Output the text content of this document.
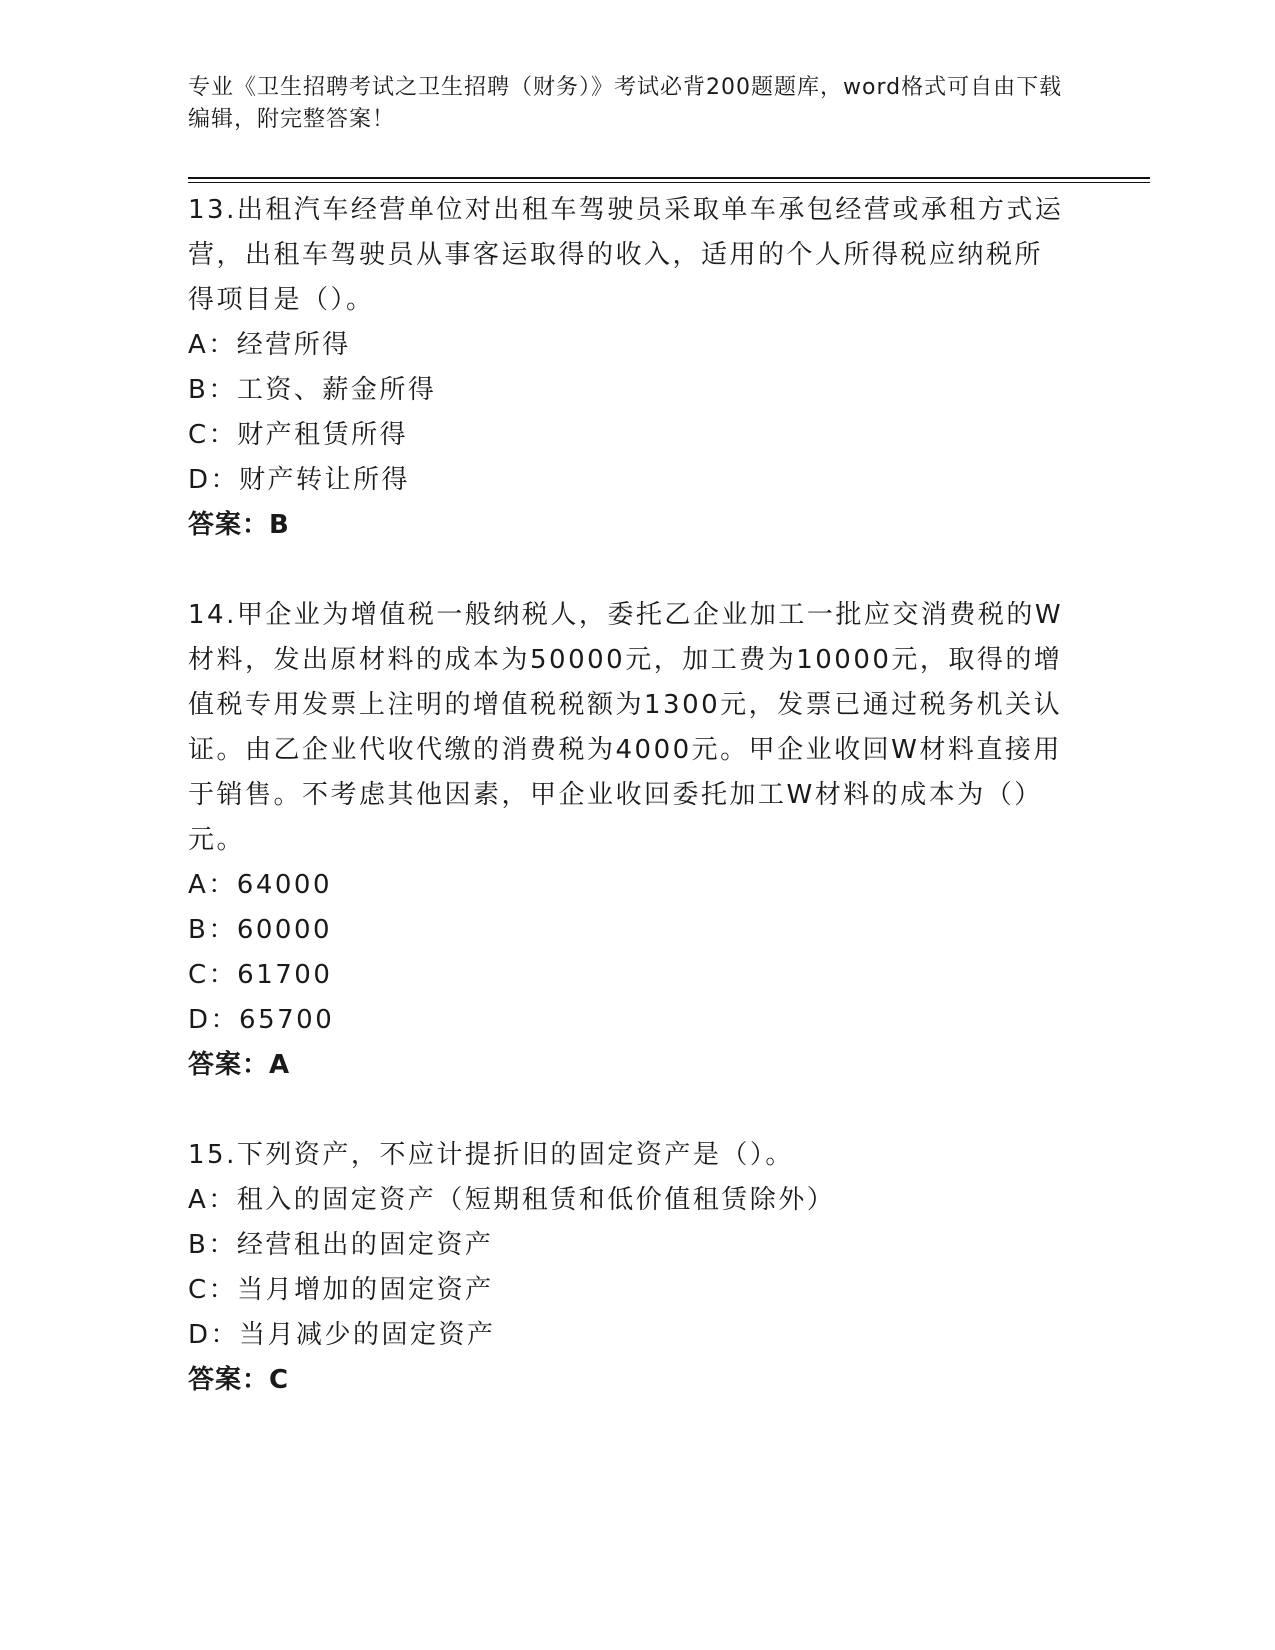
专业《卫生招聘考试之卫生招聘（财务）》考试必背200题题库，word格式可自由下载编辑，附完整答案！
13.出租汽车经营单位对出租车驾驶员采取单车承包经营或承租方式运营，出租车驾驶员从事客运取得的收入，适用的个人所得税应纳税所得项目是（）。
A：经营所得
B：工资、薪金所得
C：财产租赁所得
D：财产转让所得
答案：B
14.甲企业为增值税一般纳税人，委托乙企业加工一批应交消费税的W材料，发出原材料的成本为50000元，加工费为10000元，取得的增值税专用发票上注明的增值税税额为1300元，发票已通过税务机关认证。由乙企业代收代缴的消费税为4000元。甲企业收回W材料直接用于销售。不考虑其他因素，甲企业收回委托加工W材料的成本为（）元。
A：64000
B：60000
C：61700
D：65700
答案：A
15.下列资产，不应计提折旧的固定资产是（）。
A：租入的固定资产（短期租赁和低价值租赁除外）
B：经营租出的固定资产
C：当月增加的固定资产
D：当月减少的固定资产
答案：C
